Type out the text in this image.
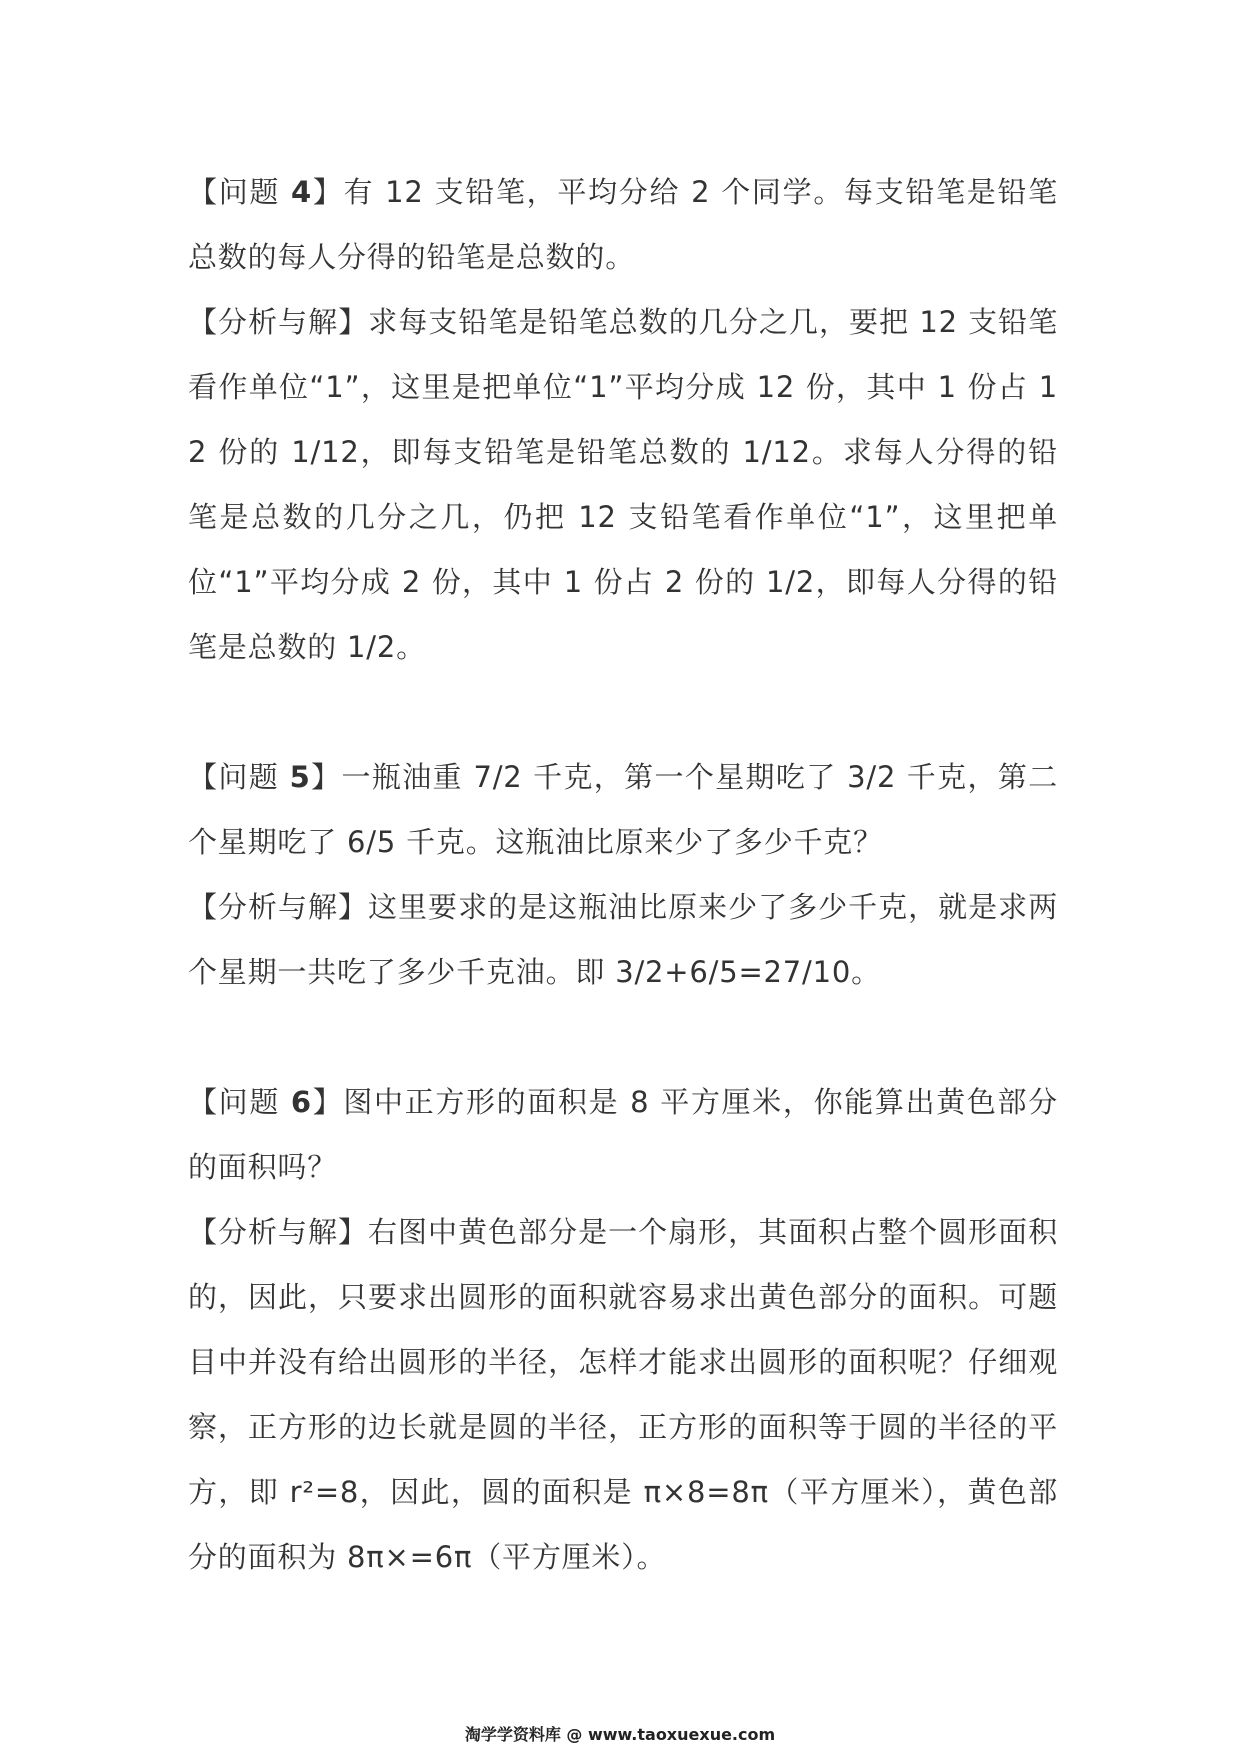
【问题 4】有 12 支铅笔，平均分给 2 个同学。每支铅笔是铅笔总数的每人分得的铅笔是总数的。

【分析与解】求每支铅笔是铅笔总数的几分之几，要把 12 支铅笔看作单位“1”，这里是把单位“1”平均分成 12 份，其中 1 份占 12 份的 1/12，即每支铅笔是铅笔总数的 1/12。求每人分得的铅笔是总数的几分之几，仍把 12 支铅笔看作单位“1”，这里把单位“1”平均分成 2 份，其中 1 份占 2 份的 1/2，即每人分得的铅笔是总数的 1/2。

【问题 5】一瓶油重 7/2 千克，第一个星期吃了 3/2 千克，第二个星期吃了 6/5 千克。这瓶油比原来少了多少千克？

【分析与解】这里要求的是这瓶油比原来少了多少千克，就是求两个星期一共吃了多少千克油。即 3/2+6/5=27/10。

【问题 6】图中正方形的面积是 8 平方厘米，你能算出黄色部分的面积吗？

【分析与解】右图中黄色部分是一个扇形，其面积占整个圆形面积的，因此，只要求出圆形的面积就容易求出黄色部分的面积。可题目中并没有给出圆形的半径，怎样才能求出圆形的面积呢？仔细观察，正方形的边长就是圆的半径，正方形的面积等于圆的半径的平方，即 r²=8，因此，圆的面积是 π×8=8π（平方厘米），黄色部分的面积为 8π×=6π（平方厘米）。

淘学学资料库 @ www.taoxuexue.com
